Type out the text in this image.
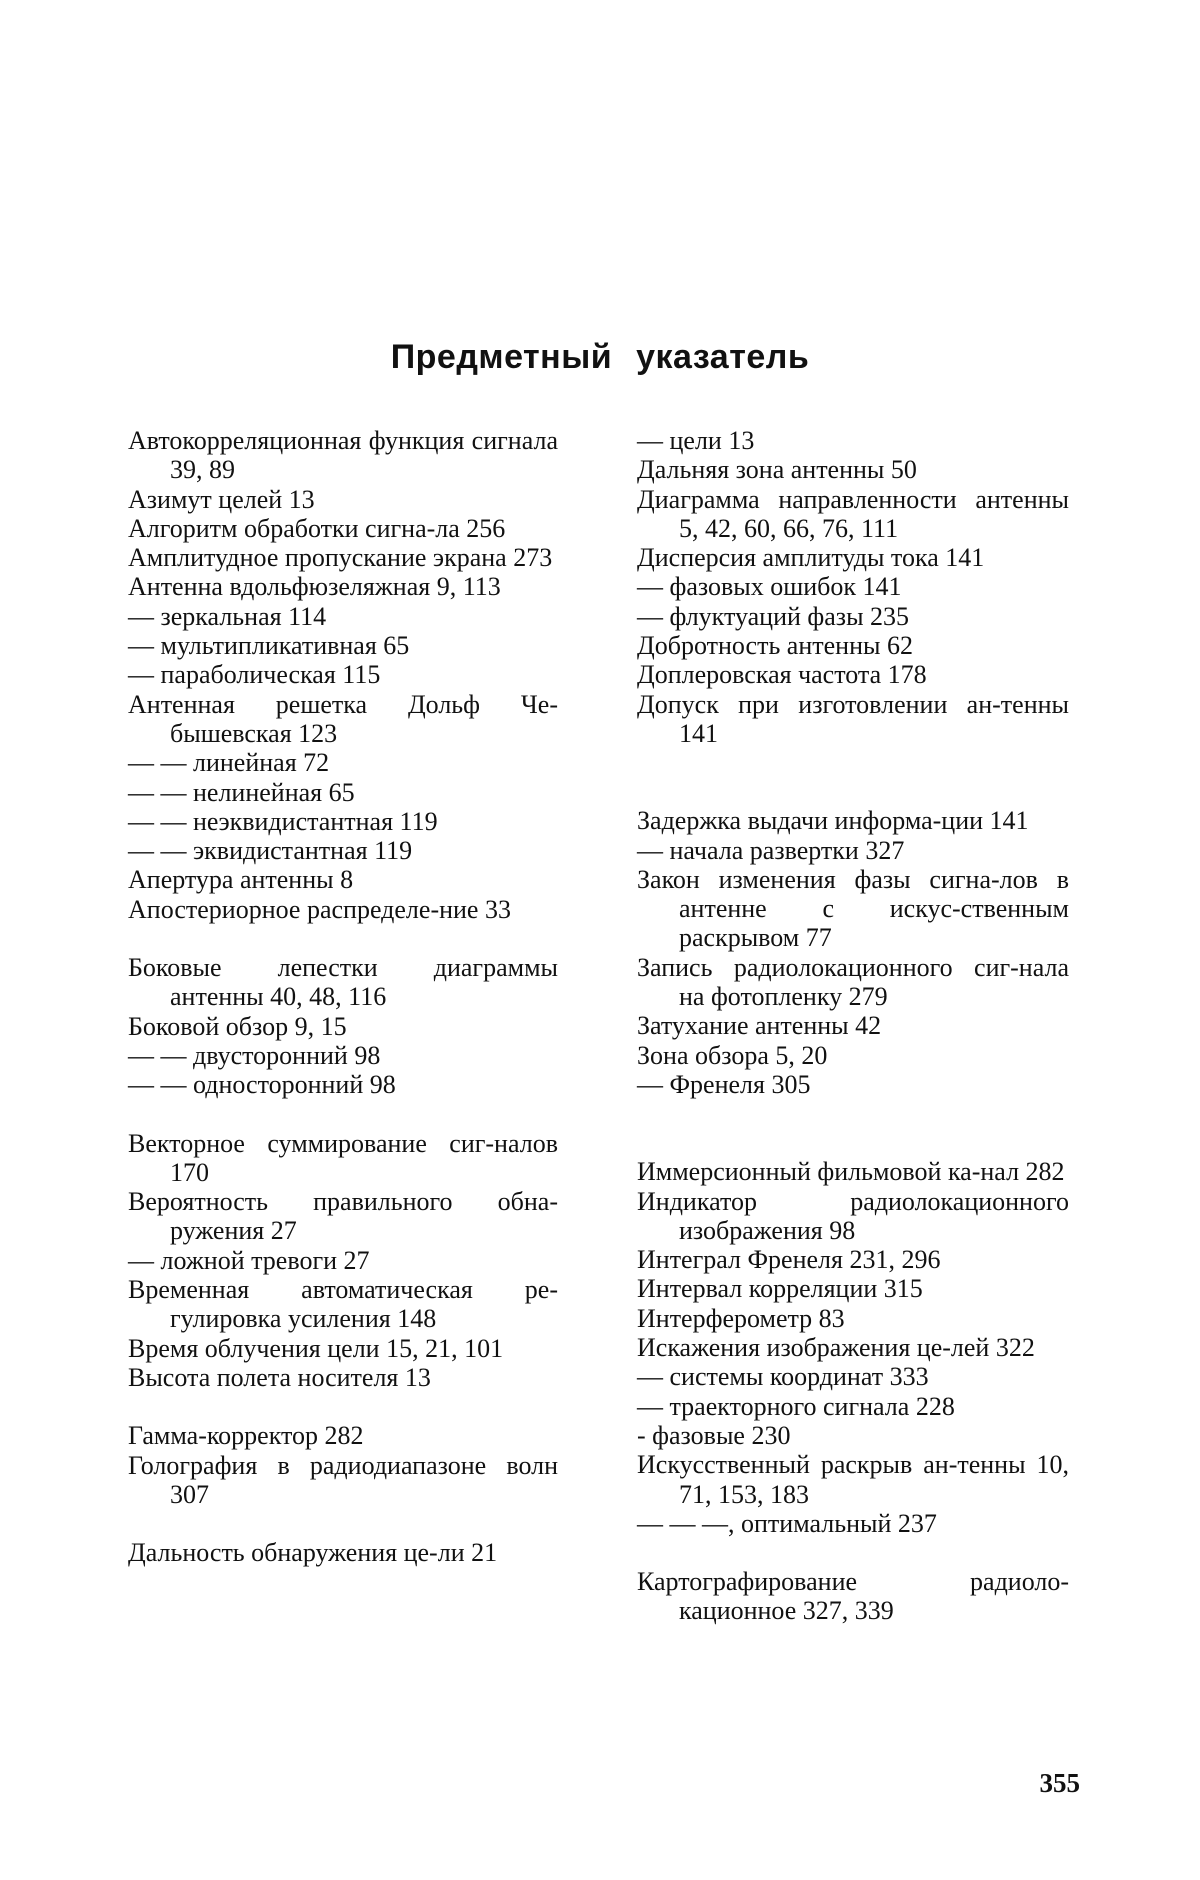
Предметный указатель
Автокорреляционная функция сигнала 39, 89
Азимут целей 13
Алгоритм обработки сигна-ла 256
Амплитудное пропускание экрана 273
Антенна вдольфюзеляжная 9, 113
— зеркальная 114
— мультипликативная 65
— параболическая 115
Антенная решетка Дольф Че-бышевская 123
— — линейная 72
— — нелинейная 65
— — неэквидистантная 119
— — эквидистантная 119
Апертура антенны 8
Апостериорное распределе-ние 33
Боковые лепестки диаграммы антенны 40, 48, 116
Боковой обзор 9, 15
— — двусторонний 98
— — односторонний 98
Векторное суммирование сиг-налов 170
Вероятность правильного обна-ружения 27
— ложной тревоги 27
Временная автоматическая ре-гулировка усиления 148
Время облучения цели 15, 21, 101
Высота полета носителя 13
Гамма-корректор 282
Голография в радиодиапазоне волн 307
Дальность обнаружения це-ли 21
— цели 13
Дальняя зона антенны 50
Диаграмма направленности антенны 5, 42, 60, 66, 76, 111
Дисперсия амплитуды тока 141
— фазовых ошибок 141
— флуктуаций фазы 235
Добротность антенны 62
Доплеровская частота 178
Допуск при изготовлении ан-тенны 141
Задержка выдачи информа-ции 141
— начала развертки 327
Закон изменения фазы сигна-лов в антенне с искус-ственным раскрывом 77
Запись радиолокационного сиг-нала на фотопленку 279
Затухание антенны 42
Зона обзора 5, 20
— Френеля 305
Иммерсионный фильмовой ка-нал 282
Индикатор радиолокационного изображения 98
Интеграл Френеля 231, 296
Интервал корреляции 315
Интерферометр 83
Искажения изображения це-лей 322
— системы координат 333
— траекторного сигнала 228
- фазовые 230
Искусственный раскрыв ан-тенны 10, 71, 153, 183
— — —, оптимальный 237
Картографирование радиоло-кационное 327, 339
355
